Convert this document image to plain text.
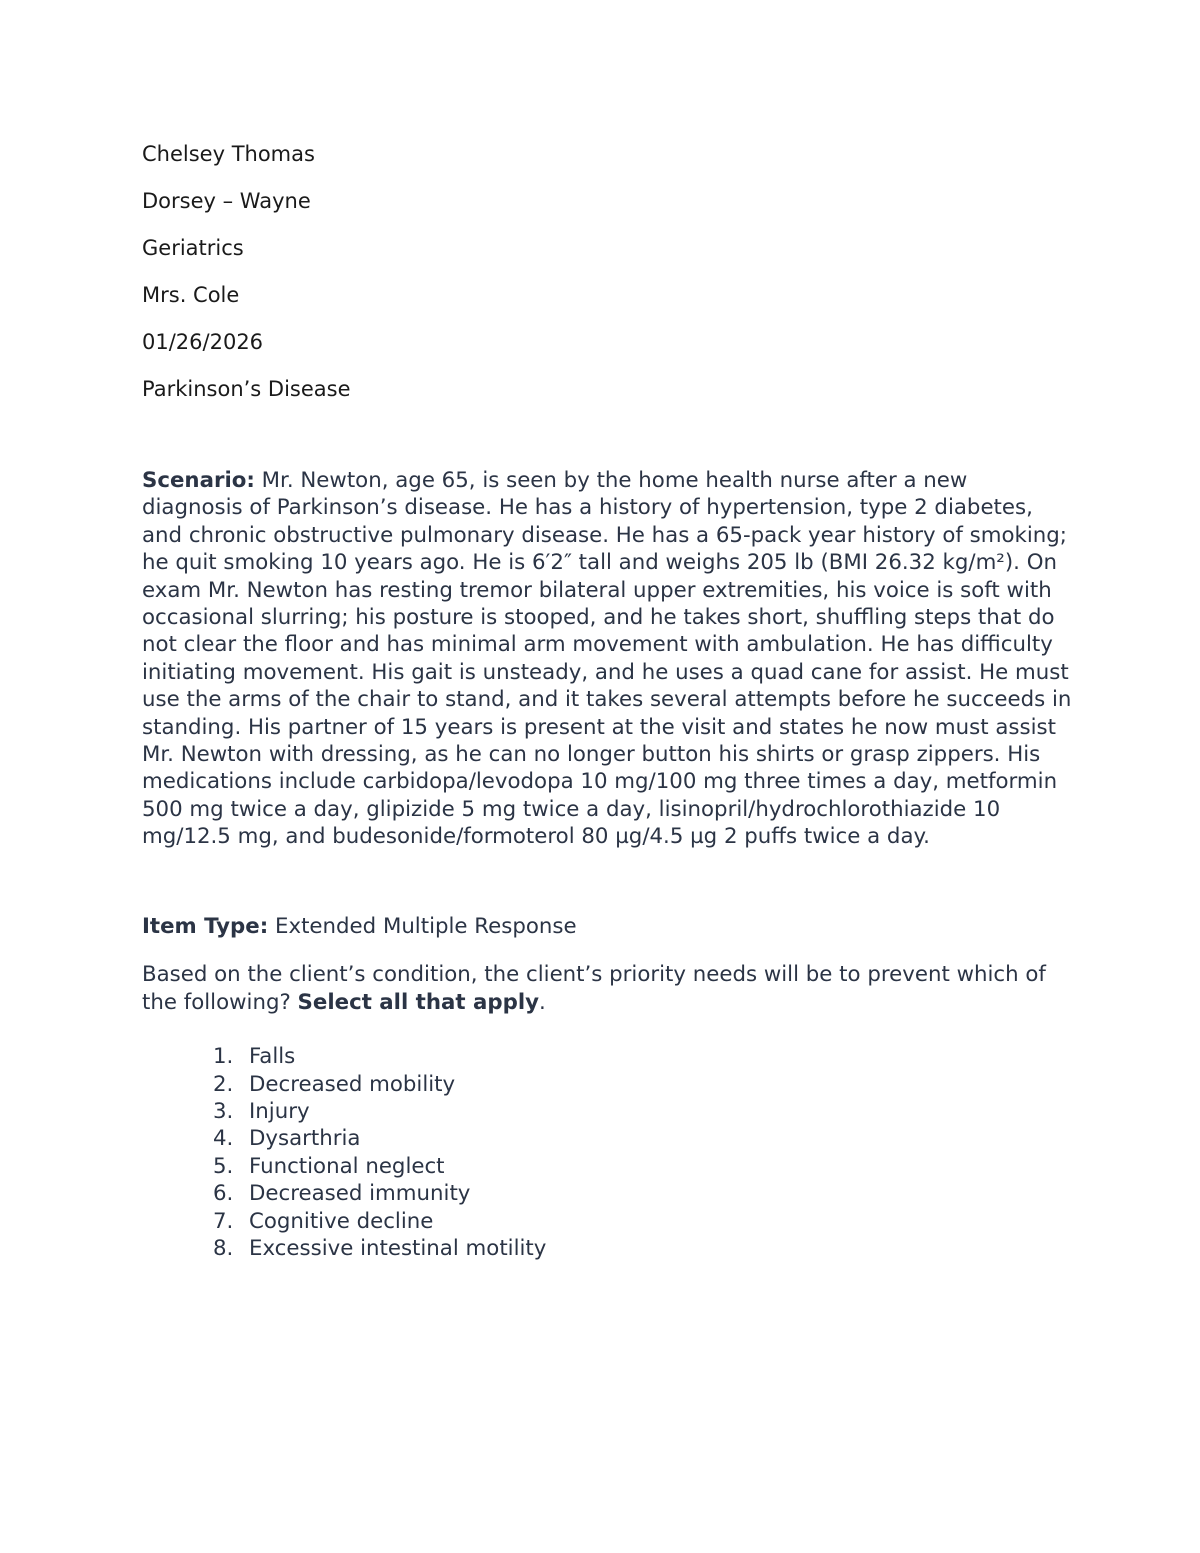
Chelsey Thomas

Dorsey – Wayne

Geriatrics

Mrs. Cole

01/26/2026

Parkinson’s Disease

Scenario: Mr. Newton, age 65, is seen by the home health nurse after a new diagnosis of Parkinson’s disease. He has a history of hypertension, type 2 diabetes, and chronic obstructive pulmonary disease. He has a 65-pack year history of smoking; he quit smoking 10 years ago. He is 6′2″ tall and weighs 205 lb (BMI 26.32 kg/m²). On exam Mr. Newton has resting tremor bilateral upper extremities, his voice is soft with occasional slurring; his posture is stooped, and he takes short, shuffling steps that do not clear the floor and has minimal arm movement with ambulation. He has difficulty initiating movement. His gait is unsteady, and he uses a quad cane for assist. He must use the arms of the chair to stand, and it takes several attempts before he succeeds in standing. His partner of 15 years is present at the visit and states he now must assist Mr. Newton with dressing, as he can no longer button his shirts or grasp zippers. His medications include carbidopa/levodopa 10 mg/100 mg three times a day, metformin 500 mg twice a day, glipizide 5 mg twice a day, lisinopril/hydrochlorothiazide 10 mg/12.5 mg, and budesonide/formoterol 80 µg/4.5 µg 2 puffs twice a day.

Item Type: Extended Multiple Response

Based on the client’s condition, the client’s priority needs will be to prevent which of the following? Select all that apply.

1. Falls
2. Decreased mobility
3. Injury
4. Dysarthria
5. Functional neglect
6. Decreased immunity
7. Cognitive decline
8. Excessive intestinal motility
